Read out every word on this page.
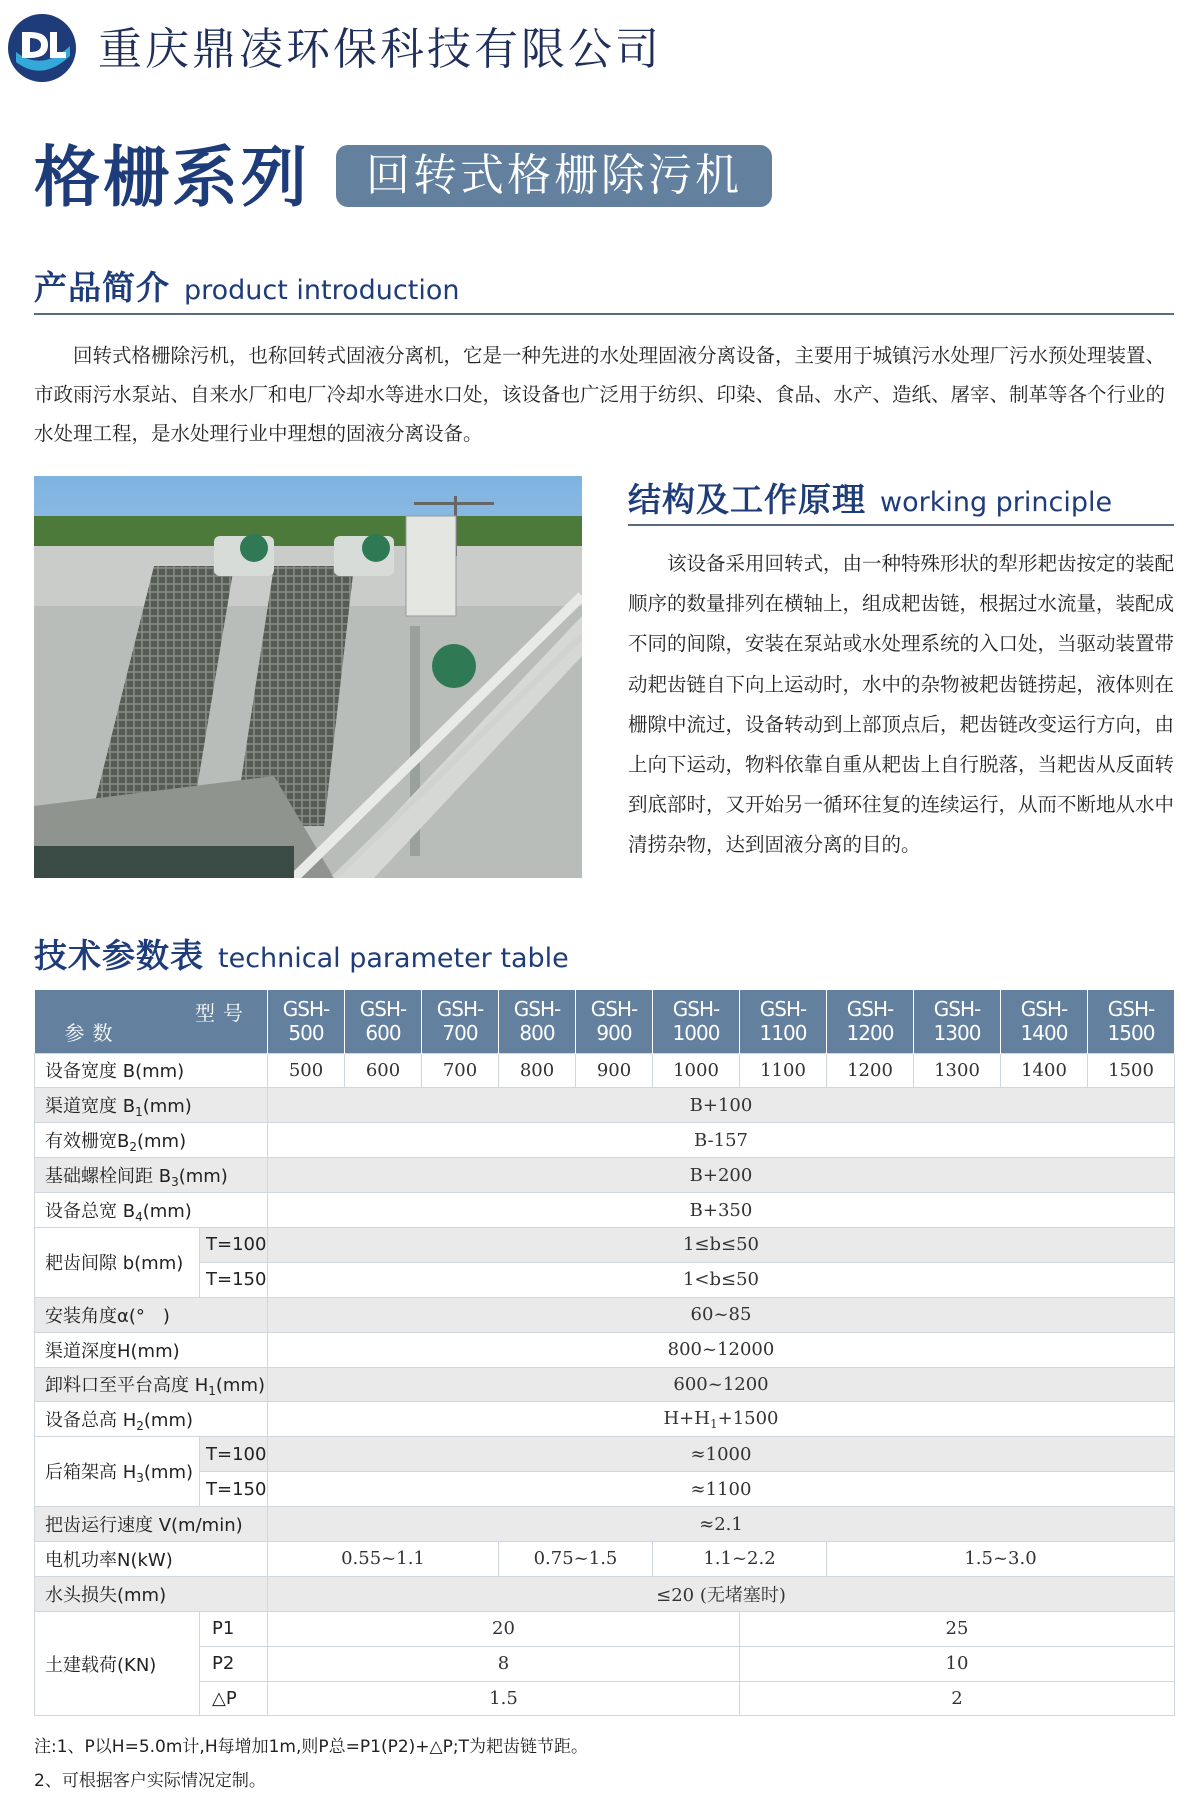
重庆鼎凌环保科技有限公司
格栅系列	回转式格栅除污机
产品简介 product introduction

回转式格栅除污机，也称回转式固液分离机，它是一种先进的水处理固液分离设备，主要用于城镇污水处理厂污水预处理装置、市政雨污水泵站、自来水厂和电厂冷却水等进水口处，该设备也广泛用于纺织、印染、食品、水产、造纸、屠宰、制革等各个行业的水处理工程，是水处理行业中理想的固液分离设备。

结构及工作原理 working principle

该设备采用回转式，由一种特殊形状的犁形耙齿按定的装配顺序的数量排列在横轴上，组成耙齿链，根据过水流量，装配成不同的间隙，安装在泵站或水处理系统的入口处，当驱动装置带动耙齿链自下向上运动时，水中的杂物被耙齿链捞起，液体则在栅隙中流过，设备转动到上部顶点后，耙齿链改变运行方向，由上向下运动，物料依靠自重从耙齿上自行脱落，当耙齿从反面转到底部时，又开始另一循环往复的连续运行，从而不断地从水中清捞杂物，达到固液分离的目的。

技术参数表 technical parameter table
型号
参数		GSH-500	GSH-600	GSH-700	GSH-800	GSH-900	GSH-1000	GSH-1100	GSH-1200	GSH-1300	GSH-1400	GSH-1500
设备宽度 B(mm)		500	600	700	800	900	1000	1100	1200	1300	1400	1500
渠道宽度 $B_1(mm)$		B+100										
有效栅宽$B_2(mm)$		B-157										
基础螺栓间距 $B_3(mm)$		B+200										
设备总宽 $B_4(mm)$		B+350										
耙齿间隙 b(mm)	T=100	1≤b≤50										
	T=150	1<b≤50										
安装角度α(°　)		60~85										
渠道深度H(mm)		800~12000										
卸料口至平台高度 $H_1(mm)$		600~1200										
设备总高 $H_2(mm)$		$H+H_1+1500$										
后箱架高 $H_3(mm)$	T=100	≈1000										
	T=150	≈1100										
把齿运行速度 V(m/min)		≈2.1										
电机功率N(kW)		0.55~1.1			0.75~1.5		1.1~2.2		1.5~3.0			
水头损失(mm)		≤20 (无堵塞时)										
土建载荷(KN)	P1	20						25				
	P2	8						10				
	△P	1.5						2				
注:1、P以H=5.0m计,H每增加1m,则P总=P1(P2)+△P;T为耙齿链节距。
2、可根据客户实际情况定制。
